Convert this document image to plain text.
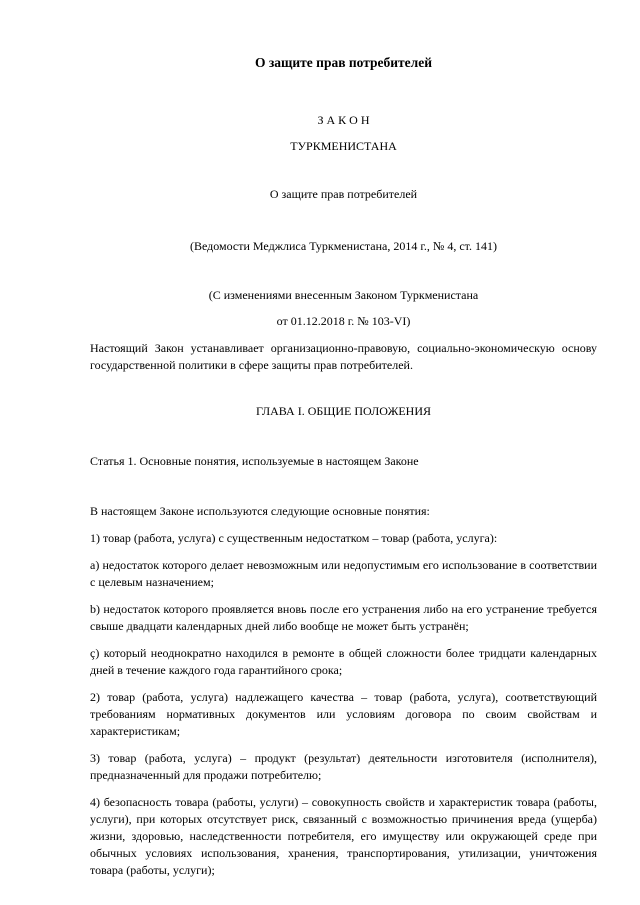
О защите прав потребителей
З А К О Н
ТУРКМЕНИСТАНА
О защите прав потребителей
(Ведомости Меджлиса Туркменистана, 2014 г., № 4, ст. 141)
(С изменениями внесенным Законом Туркменистана
от 01.12.2018 г. № 103-VI)

Настоящий Закон устанавливает организационно-правовую, социально-экономическую основу государственной политики в сфере защиты прав потребителей.

ГЛАВА I. ОБЩИЕ ПОЛОЖЕНИЯ
Статья 1. Основные понятия, используемые в настоящем Законе

В настоящем Законе используются следующие основные понятия:

1) товар (работа, услуга) с существенным недостатком – товар (работа, услуга):

а) недостаток которого делает невозможным или недопустимым его использование в соответствии с целевым назначением;

b) недостаток которого проявляется вновь после его устранения либо на его устранение требуется свыше двадцати календарных дней либо вообще не может быть устранён;

ç) который неоднократно находился в ремонте в общей сложности более тридцати календарных дней в течение каждого года гарантийного срока;

2) товар (работа, услуга) надлежащего качества – товар (работа, услуга), соответствующий требованиям нормативных документов или условиям договора по своим свойствам и характеристикам;

3) товар (работа, услуга) – продукт (результат) деятельности изготовителя (исполнителя), предназначенный для продажи потребителю;

4) безопасность товара (работы, услуги) – совокупность свойств и характеристик товара (работы, услуги), при которых отсутствует риск, связанный с возможностью причинения вреда (ущерба) жизни, здоровью, наследственности потребителя, его имуществу или окружающей среде при обычных условиях использования, хранения, транспортирования, утилизации, уничтожения товара (работы, услуги);
